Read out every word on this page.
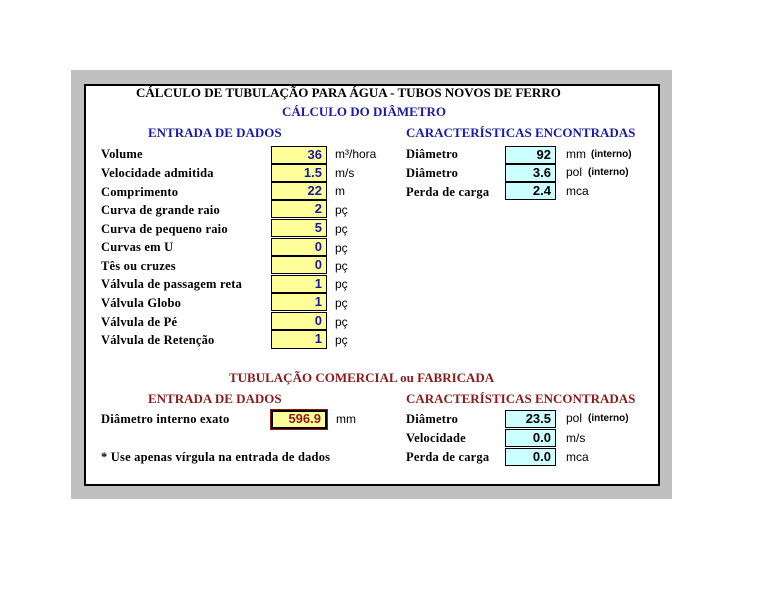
CÁLCULO DE TUBULAÇÃO PARA ÁGUA - TUBOS NOVOS DE FERRO
CÁLCULO DO DIÂMETRO
ENTRADA DE DADOS	CARACTERÍSTICAS ENCONTRADAS
Volume	36	m³/hora
Velocidade admitida	1.5	m/s
Comprimento	22	m
Curva de grande raio	2	pç
Curva de pequeno raio	5	pç
Curvas em U	0	pç
Tês ou cruzes	0	pç
Válvula de passagem reta	1	pç
Válvula Globo	1	pç
Válvula de Pé	0	pç
Válvula de Retenção	1	pç
Diâmetro	92	mm (interno)
Diâmetro	3.6	pol (interno)
Perda de carga	2.4	mca
TUBULAÇÃO COMERCIAL ou FABRICADA
ENTRADA DE DADOS	CARACTERÍSTICAS ENCONTRADAS
Diâmetro interno exato	596.9	mm
* Use apenas vírgula na entrada de dados
Diâmetro	23.5	pol (interno)
Velocidade	0.0	m/s
Perda de carga	0.0	mca
